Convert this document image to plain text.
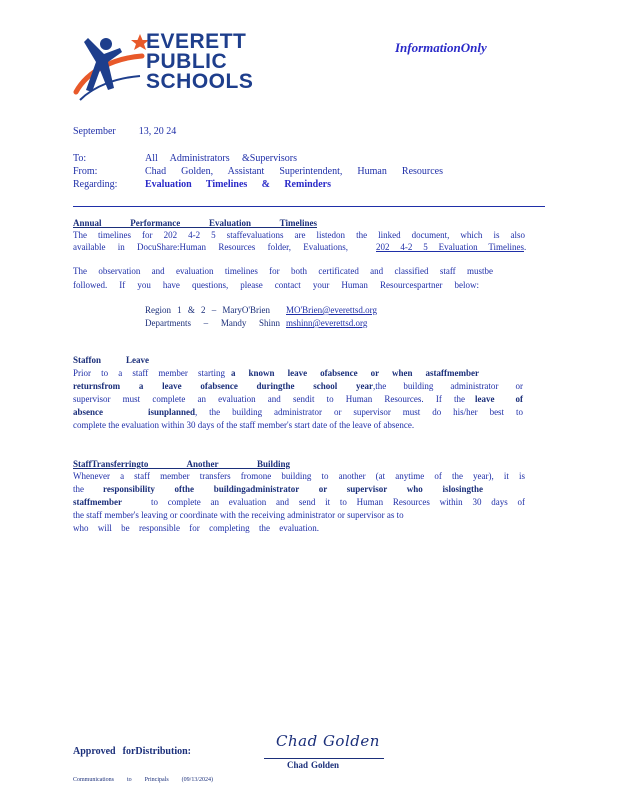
EVERETT
PUBLIC
SCHOOLS
InformationOnly
September 13, 20 24
To:	All Administrators &Supervisors
From:	Chad Golden, Assistant Superintendent, Human Resources
Regarding:	Evaluation Timelines & Reminders
Annual Performance Evaluation Timelines
The timelines for 202 4-2 5 staffevaluations are listedon the linked document, which is also
available in DocuShare:Human Resources folder, Evaluations,	202 4-2 5 Evaluation Timelines.
The observation and evaluation timelines for both certificated and classified staff mustbe
followed. If you have questions, please contact your Human Resourcespartner below:
Region 1 & 2 – MaryO'Brien MO'Brien@everettsd.org
Departments – Mandy Shinn mshinn@everettsd.org
Staffon Leave
Prior to a staff member starting a known leave ofabsence or when astaffmember
returnsfrom a leave ofabsence duringthe school year,the building administrator or
supervisor must complete an evaluation and sendit to Human Resources. If the leave of
absence isunplanned, the building administrator or supervisor must do his/her best to
complete the evaluation within 30 days of the staff member's start date of the leave of absence.
StaffTransferringto Another Building
Whenever a staff member transfers fromone building to another (at anytime of the year), it is
the responsibility ofthe buildingadministrator or supervisor who islosingthe
staffmember	to complete an evaluation and send it to Human Resources within 30 days of
the staff member's leaving or coordinate with the receiving administrator or supervisor as to
who will be responsible for completing the evaluation.
Approved forDistribution:
Chad Golden
Chad Golden
Communications to Principals (09/13/2024)
